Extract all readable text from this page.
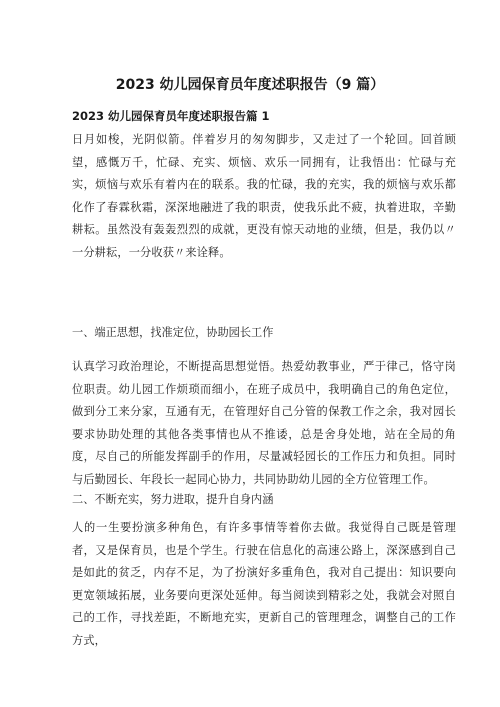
2023 幼儿园保育员年度述职报告（9 篇）
2023 幼儿园保育员年度述职报告篇 1

日月如梭，光阴似箭。伴着岁月的匆匆脚步，又走过了一个轮回。回首顾望，感慨万千，忙碌、充实、烦恼、欢乐一同拥有，让我悟出：忙碌与充实，烦恼与欢乐有着内在的联系。我的忙碌，我的充实，我的烦恼与欢乐都化作了春霖秋霜，深深地融进了我的职责，使我乐此不疲，执着进取，辛勤耕耘。虽然没有轰轰烈烈的成就，更没有惊天动地的业绩，但是，我仍以〃一分耕耘，一分收获〃来诠释。

一、端正思想，找准定位，协助园长工作

认真学习政治理论，不断提高思想觉悟。热爱幼教事业，严于律己，恪守岗位职责。幼儿园工作烦琐而细小，在班子成员中，我明确自己的角色定位，做到分工来分家，互通有无，在管理好自己分管的保教工作之余，我对园长要求协助处理的其他各类事情也从不推诿，总是舍身处地，站在全局的角度，尽自己的所能发挥副手的作用，尽量减轻园长的工作压力和负担。同时与后勤园长、年段长一起同心协力，共同协助幼儿园的全方位管理工作。

二、不断充实，努力进取，提升自身内涵

人的一生要扮演多种角色，有许多事情等着你去做。我觉得自己既是管理者，又是保育员，也是个学生。行驶在信息化的高速公路上，深深感到自己是如此的贫乏，内存不足，为了扮演好多重角色，我对自己提出：知识要向更宽领域拓展，业务要向更深处延伸。每当阅读到精彩之处，我就会对照自己的工作，寻找差距，不断地充实，更新自己的管理理念，调整自己的工作方式，
